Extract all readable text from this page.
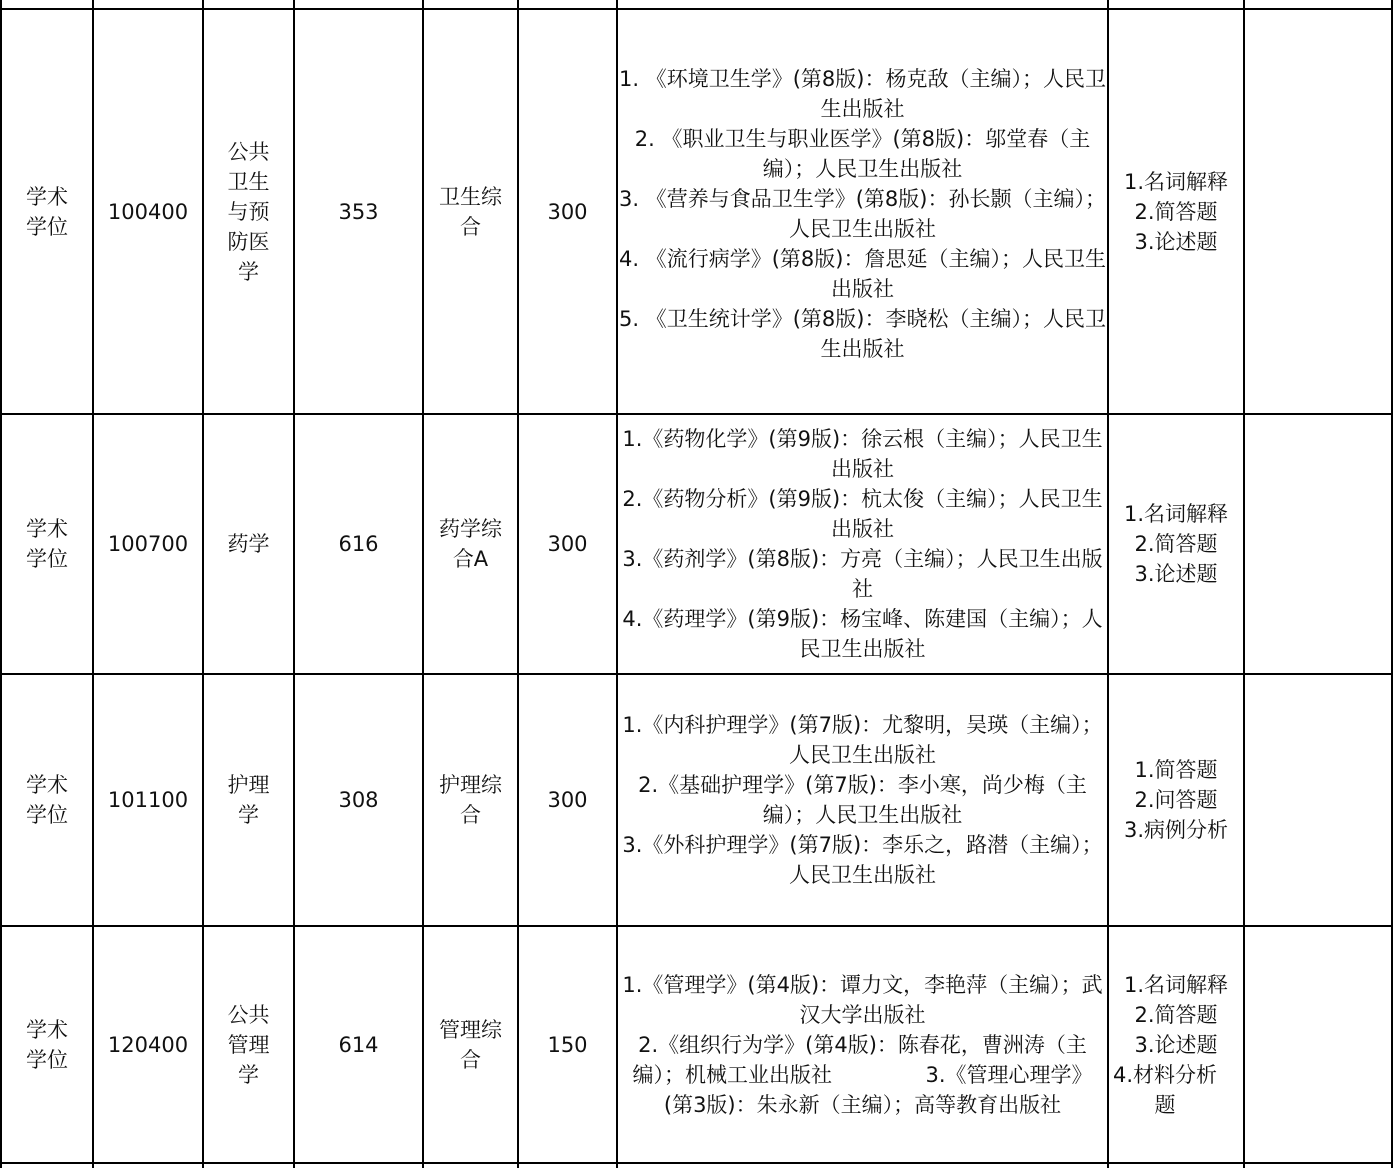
学术学位	100400	公共卫生与预防医学	353	卫生综合	300	1. 《环境卫生学》(第8版)：杨克敌（主编）；人民卫生出版社
2. 《职业卫生与职业医学》(第8版)：邬堂春（主编）；人民卫生出版社
3. 《营养与食品卫生学》(第8版)：孙长颢（主编）；人民卫生出版社
4. 《流行病学》(第8版)：詹思延（主编）；人民卫生出版社
5. 《卫生统计学》(第8版)：李晓松（主编）；人民卫生出版社	1.名词解释
2.简答题
3.论述题	

学术学位	100700	药学	616	药学综合A	300	1.《药物化学》(第9版)：徐云根（主编）；人民卫生出版社
2.《药物分析》(第9版)：杭太俊（主编）；人民卫生出版社
3.《药剂学》(第8版)：方亮（主编）；人民卫生出版社
4.《药理学》(第9版)：杨宝峰、陈建国（主编）；人民卫生出版社	1.名词解释
2.简答题
3.论述题	

学术学位	101100	护理学	308	护理综合	300	1.《内科护理学》(第7版)：尤黎明，吴瑛（主编）；人民卫生出版社
2.《基础护理学》(第7版)：李小寒，尚少梅（主编）；人民卫生出版社
3.《外科护理学》(第7版)：李乐之，路潜（主编）；人民卫生出版社	1.简答题
2.问答题
3.病例分析	

学术学位	120400	公共管理学	614	管理综合	150	1.《管理学》(第4版)：谭力文，李艳萍（主编）；武汉大学出版社
2.《组织行为学》(第4版)：陈春花，曹洲涛（主编）；机械工业出版社              3.《管理心理学》(第3版)：朱永新（主编）；高等教育出版社	1.名词解释
2.简答题
3.论述题
4.材料分析题	
